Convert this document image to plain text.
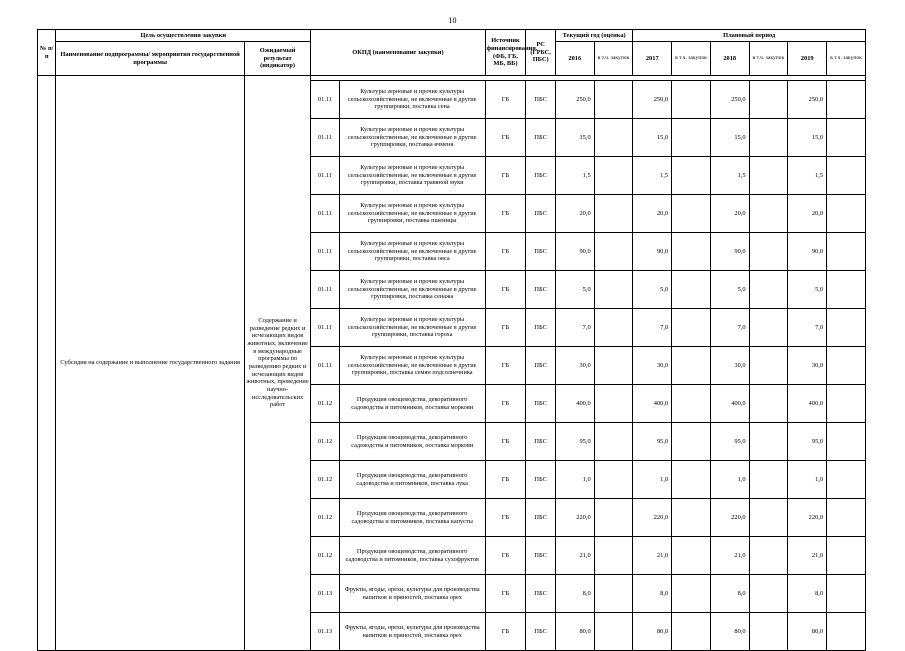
10
№ п/п	Цель осуществления закупки		ОКПД (наименование закупки)		Источник финансирования. (ФБ, ГБ, МБ, ВБ)	РС (ГРБС, ПБС)	Текущий год (оценка)		Плановый период					
	Наименование подпрограммы/ мероприятия государственной программы	Ожидаемый результат (индикатор)												
							2016	в т.ч. закупок	2017	в т.ч. закупок	2018	в т.ч. закупок	2019	в т.ч. закупок
	Субсидия на содержание и выполнение государственного задания	Содержание и разведение редких и исчезающих видов животных, включение в международные программы по разведению редких и исчезающих видов животных, проведение научно-исследовательских работ												
			01.11	Культуры зерновые и прочие культуры сельскохозяйственные, не включенные в другие группировки, поставка сена	ГБ	ПБС	250,0		250,0		250,0		250,0	
			01.11	Культуры зерновые и прочие культуры сельскохозяйственные, не включенные в другие группировки, поставка ячменя	ГБ	ПБС	15,0		15,0		15,0		15,0	
			01.11	Культуры зерновые и прочие культуры сельскохозяйственные, не включенные в другие группировки, поставка травяной муки	ГБ	ПБС	1,5		1,5		1,5		1,5	
			01.11	Культуры зерновые и прочие культуры сельскохозяйственные, не включенные в другие группировки, поставка пшеницы	ГБ	ПБС	20,0		20,0		20,0		20,0	
			01.11	Культуры зерновые и прочие культуры сельскохозяйственные, не включенные в другие группировки, поставка овса	ГБ	ПБС	90,0		90,0		90,0		90,0	
			01.11	Культуры зерновые и прочие культуры сельскохозяйственные, не включенные в другие группировки, поставка сенажа	ГБ	ПБС	5,0		5,0		5,0		5,0	
			01.11	Культуры зерновые и прочие культуры сельскохозяйственные, не включенные в другие группировки, поставка гороха	ГБ	ПБС	7,0		7,0		7,0		7,0	
			01.11	Культуры зерновые и прочие культуры сельскохозяйственные, не включенные в другие группировки, поставка семян подсолнечника	ГБ	ПБС	30,0		30,0		30,0		30,0	
			01.12	Продукция овощеводства, декоративного садоводства и питомников, поставка моркови	ГБ	ПБС	400,0		400,0		400,0		400,0	
			01.12	Продукция овощеводства, декоративного садоводства и питомников, поставка моркови	ГБ	ПБС	95,0		95,0		95,0		95,0	
			01.12	Продукция овощеводства, декоративного садоводства и питомников, поставка лука	ГБ	ПБС	1,0		1,0		1,0		1,0	
			01.12	Продукция овощеводства, декоративного садоводства и питомников, поставка капусты	ГБ	ПБС	220,0		220,0		220,0		220,0	
			01.12	Продукция овощеводства, декоративного садоводства и питомников, поставка сухофруктов	ГБ	ПБС	21,0		21,0		21,0		21,0	
			01.13	Фрукты, ягоды, орехи, культуры для производства напитков и пряностей, поставка орех	ГБ	ПБС	8,0		8,0		8,0		8,0	
			01.13	Фрукты, ягоды, орехи, культуры для производства напитков и пряностей, поставка орех	ГБ	ПБС	80,0		80,0		80,0		80,0	
